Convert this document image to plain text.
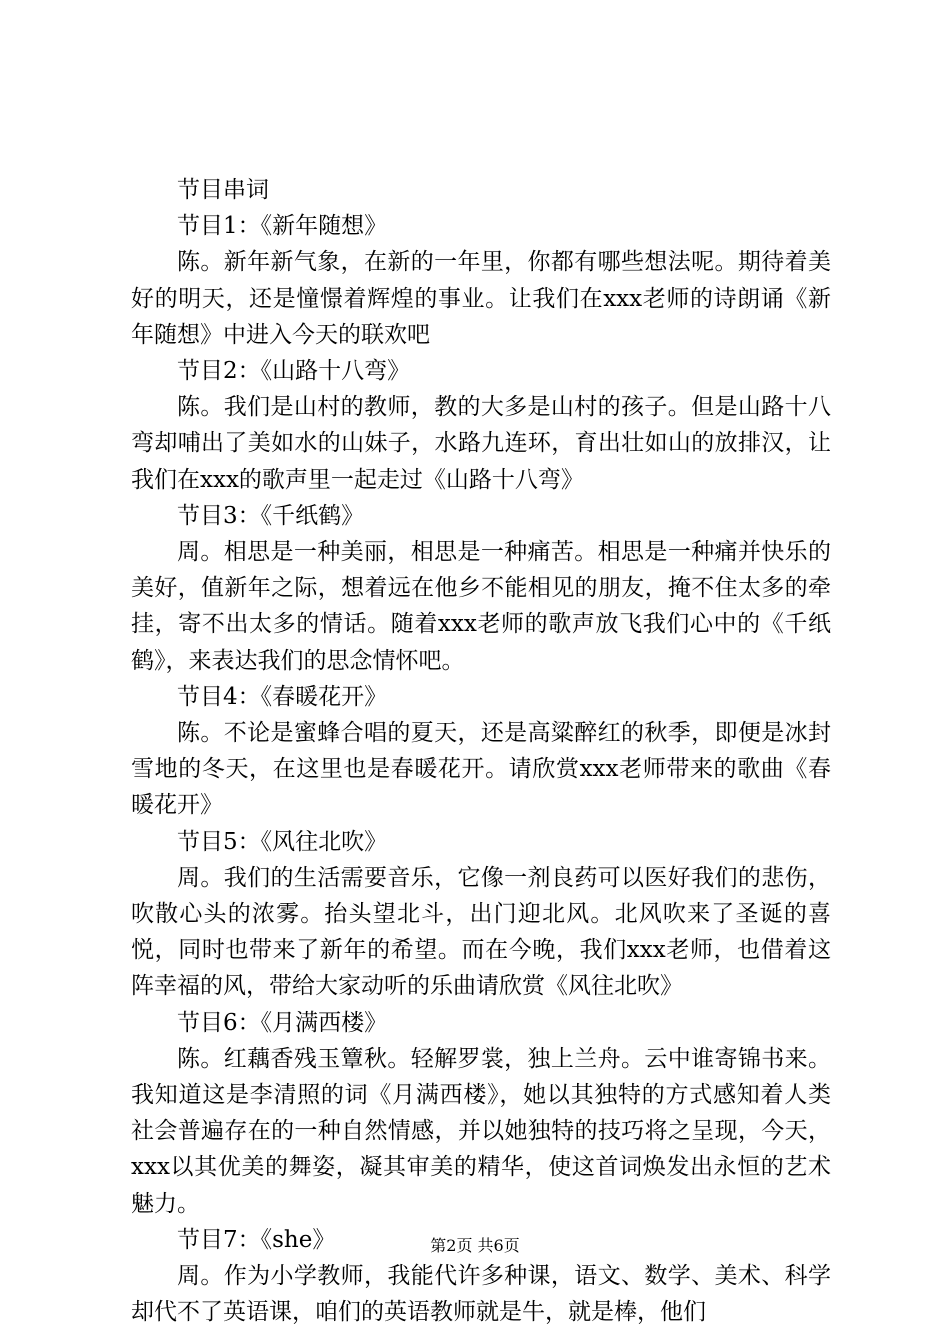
节目串词
节目1：《新年随想》

陈。新年新气象，在新的一年里，你都有哪些想法呢。期待着美好的明天，还是憧憬着辉煌的事业。让我们在xxx老师的诗朗诵《新年随想》中进入今天的联欢吧

节目2：《山路十八弯》

陈。我们是山村的教师，教的大多是山村的孩子。但是山路十八弯却哺出了美如水的山妹子，水路九连环，育出壮如山的放排汉，让我们在xxx的歌声里一起走过《山路十八弯》

节目3：《千纸鹤》

周。相思是一种美丽，相思是一种痛苦。相思是一种痛并快乐的美好，值新年之际，想着远在他乡不能相见的朋友，掩不住太多的牵挂，寄不出太多的情话。随着xxx老师的歌声放飞我们心中的《千纸鹤》，来表达我们的思念情怀吧。

节目4：《春暖花开》

陈。不论是蜜蜂合唱的夏天，还是高粱醉红的秋季，即便是冰封雪地的冬天，在这里也是春暖花开。请欣赏xxx老师带来的歌曲《春暖花开》

节目5：《风往北吹》

周。我们的生活需要音乐，它像一剂良药可以医好我们的悲伤，吹散心头的浓雾。抬头望北斗，出门迎北风。北风吹来了圣诞的喜悦，同时也带来了新年的希望。而在今晚，我们xxx老师，也借着这阵幸福的风，带给大家动听的乐曲请欣赏《风往北吹》

节目6：《月满西楼》

陈。红藕香残玉簟秋。轻解罗裳，独上兰舟。云中谁寄锦书来。我知道这是李清照的词《月满西楼》，她以其独特的方式感知着人类社会普遍存在的一种自然情感，并以她独特的技巧将之呈现，今天，xxx以其优美的舞姿，凝其审美的精华，使这首词焕发出永恒的艺术魅力。

节目7：《she》

周。作为小学教师，我能代许多种课，语文、数学、美术、科学却代不了英语课，咱们的英语教师就是牛，就是棒，他们

第2页 共6页
